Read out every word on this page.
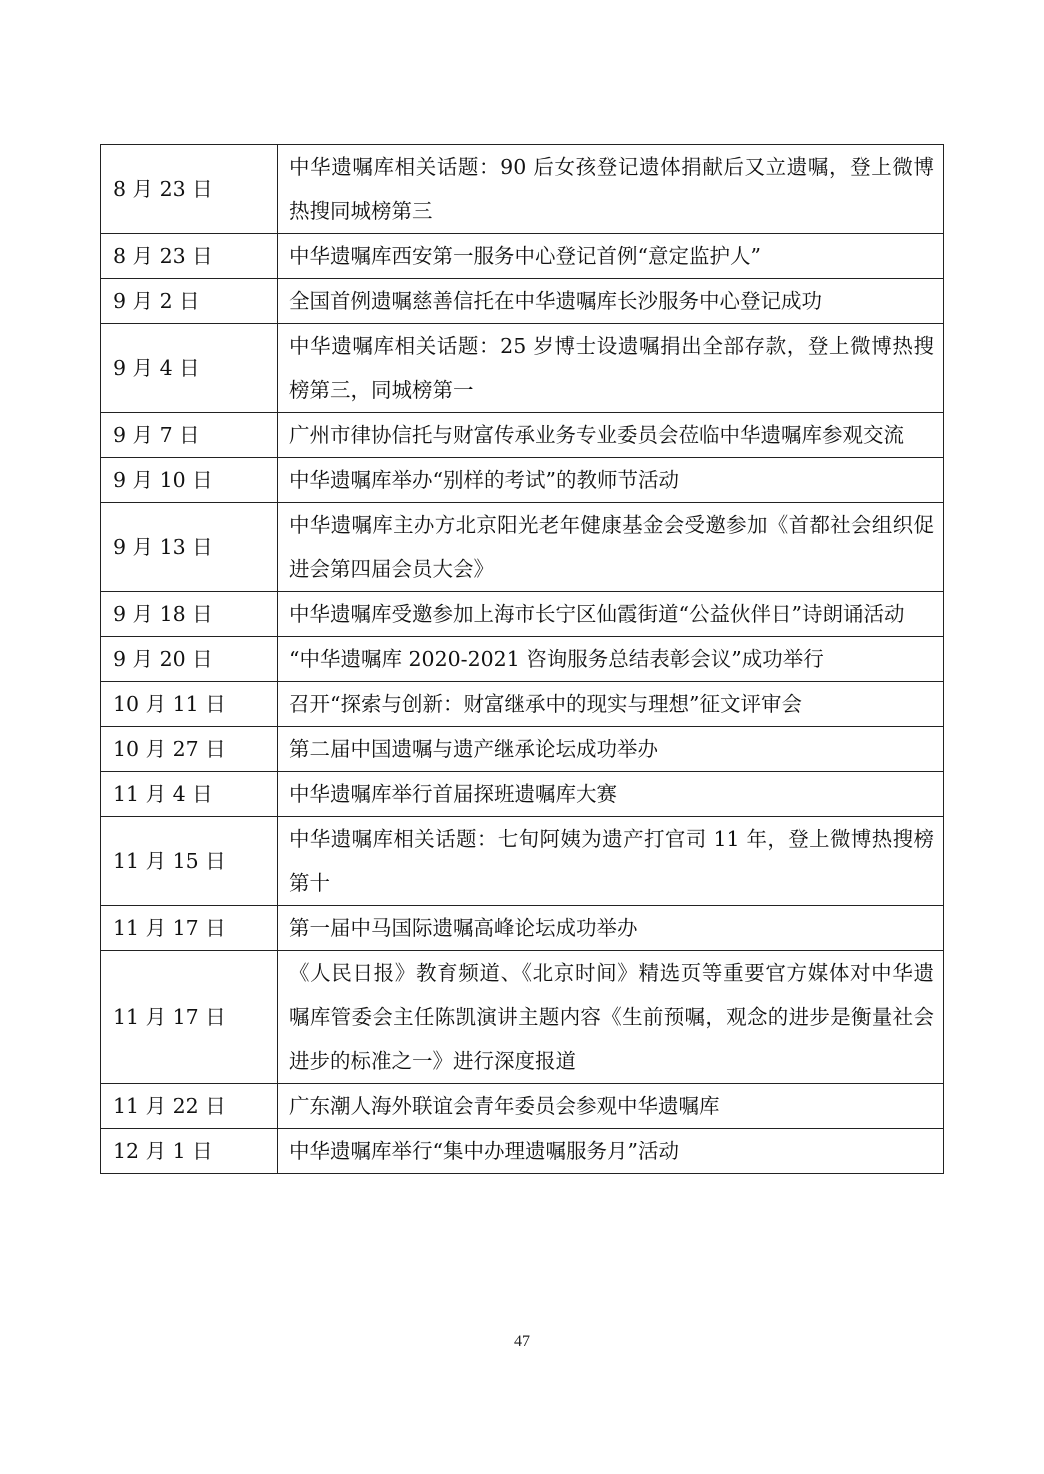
8 月 23 日	中华遗嘱库相关话题：90 后女孩登记遗体捐献后又立遗嘱，登上微博热搜同城榜第三
8 月 23 日	中华遗嘱库西安第一服务中心登记首例“意定监护人”
9 月 2 日	全国首例遗嘱慈善信托在中华遗嘱库长沙服务中心登记成功
9 月 4 日	中华遗嘱库相关话题：25 岁博士设遗嘱捐出全部存款，登上微博热搜榜第三，同城榜第一
9 月 7 日	广州市律协信托与财富传承业务专业委员会莅临中华遗嘱库参观交流
9 月 10 日	中华遗嘱库举办“别样的考试”的教师节活动
9 月 13 日	中华遗嘱库主办方北京阳光老年健康基金会受邀参加《首都社会组织促进会第四届会员大会》
9 月 18 日	中华遗嘱库受邀参加上海市长宁区仙霞街道“公益伙伴日”诗朗诵活动
9 月 20 日	“中华遗嘱库 2020-2021 咨询服务总结表彰会议”成功举行
10 月 11 日	召开“探索与创新：财富继承中的现实与理想”征文评审会
10 月 27 日	第二届中国遗嘱与遗产继承论坛成功举办
11 月 4 日	中华遗嘱库举行首届探班遗嘱库大赛
11 月 15 日	中华遗嘱库相关话题：七旬阿姨为遗产打官司 11 年，登上微博热搜榜第十
11 月 17 日	第一届中马国际遗嘱高峰论坛成功举办
11 月 17 日	《人民日报》教育频道、《北京时间》精选页等重要官方媒体对中华遗嘱库管委会主任陈凯演讲主题内容《生前预嘱，观念的进步是衡量社会进步的标准之一》进行深度报道
11 月 22 日	广东潮人海外联谊会青年委员会参观中华遗嘱库
12 月 1 日	中华遗嘱库举行“集中办理遗嘱服务月”活动
47
